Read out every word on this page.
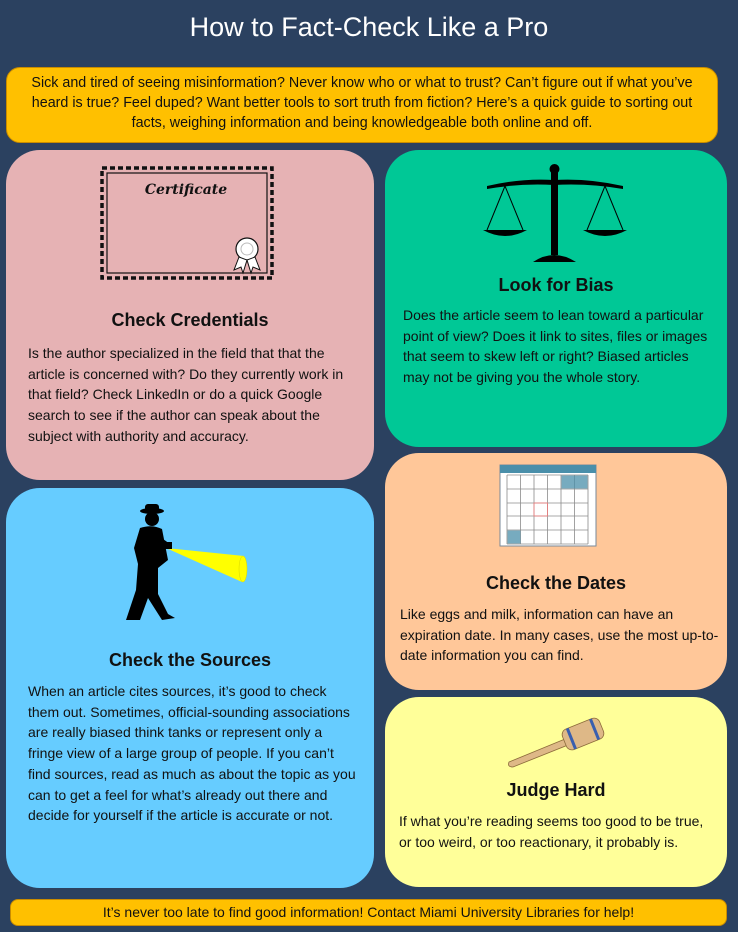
How to Fact-Check Like a Pro
Sick and tired of seeing misinformation? Never know who or what to trust? Can’t figure out if what you’ve heard is true? Feel duped? Want better tools to sort truth from fiction? Here’s a quick guide to sorting out facts, weighing information and being knowledgeable both online and off.
Certificate
Check Credentials

Is the author specialized in the field that that the article is concerned with? Do they currently work in that field? Check LinkedIn or do a quick Google search to see if the author can speak about the subject with authority and accuracy.

Look for Bias

Does the article seem to lean toward a particular point of view? Does it link to sites, files or images that seem to skew left or right? Biased articles may not be giving you the whole story.

Check the Sources

When an article cites sources, it’s good to check them out. Sometimes, official-sounding associations are really biased think tanks or represent only a fringe view of a large group of people. If you can’t find sources, read as much as about the topic as you can to get a feel for what’s already out there and decide for yourself if the article is accurate or not.

Check the Dates

Like eggs and milk, information can have an expiration date. In many cases, use the most up-to-date information you can find.

Judge Hard

If what you’re reading seems too good to be true, or too weird, or too reactionary, it probably is.

It’s never too late to find good information! Contact Miami University Libraries for help!
